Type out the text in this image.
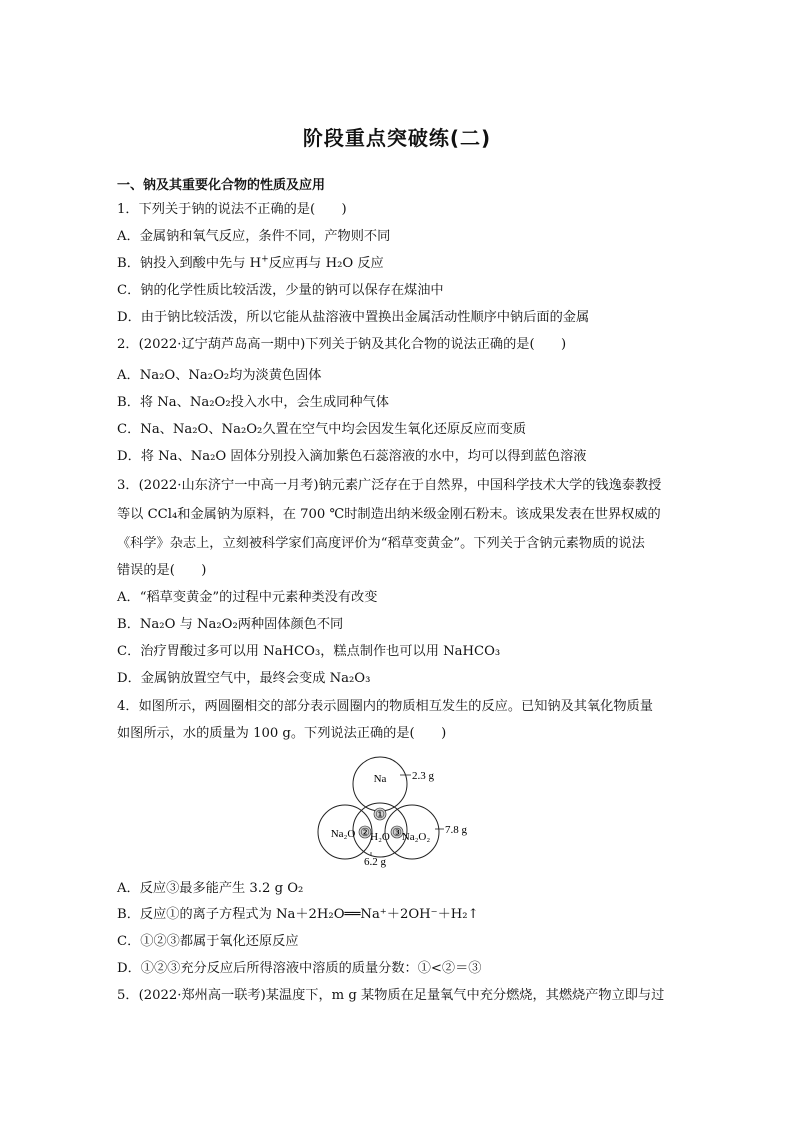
阶段重点突破练(二)
一、钠及其重要化合物的性质及应用
1．下列关于钠的说法不正确的是(　　)
A．金属钠和氧气反应，条件不同，产物则不同
B．钠投入到酸中先与 H+反应再与 H₂O 反应
C．钠的化学性质比较活泼，少量的钠可以保存在煤油中
D．由于钠比较活泼，所以它能从盐溶液中置换出金属活动性顺序中钠后面的金属
2．(2022·辽宁葫芦岛高一期中)下列关于钠及其化合物的说法正确的是(　　)
A．Na₂O、Na₂O₂均为淡黄色固体
B．将 Na、Na₂O₂投入水中，会生成同种气体
C．Na、Na₂O、Na₂O₂久置在空气中均会因发生氧化还原反应而变质
D．将 Na、Na₂O 固体分别投入滴加紫色石蕊溶液的水中，均可以得到蓝色溶液
3．(2022·山东济宁一中高一月考)钠元素广泛存在于自然界，中国科学技术大学的钱逸泰教授
等以 CCl₄和金属钠为原料，在 700 ℃时制造出纳米级金刚石粉末。该成果发表在世界权威的
《科学》杂志上，立刻被科学家们高度评价为“稻草变黄金”。下列关于含钠元素物质的说法
错误的是(　　)
A．“稻草变黄金”的过程中元素种类没有改变
B．Na₂O 与 Na₂O₂两种固体颜色不同
C．治疗胃酸过多可以用 NaHCO₃，糕点制作也可以用 NaHCO₃
D．金属钠放置空气中，最终会变成 Na₂O₃
4．如图所示，两圆圈相交的部分表示圆圈内的物质相互发生的反应。已知钠及其氧化物质量
如图所示，水的质量为 100 g。下列说法正确的是(　　)
①
② ③
Na
H₂O
Na₂O	Na₂O₂
2.3 g
7.8 g
6.2 g
A．反应③最多能产生 3.2 g O₂
B．反应①的离子方程式为 Na＋2H₂O══Na⁺＋2OH⁻＋H₂↑
C．①②③都属于氧化还原反应
D．①②③充分反应后所得溶液中溶质的质量分数：①<②＝③
5．(2022·郑州高一联考)某温度下，m g 某物质在足量氧气中充分燃烧，其燃烧产物立即与过
